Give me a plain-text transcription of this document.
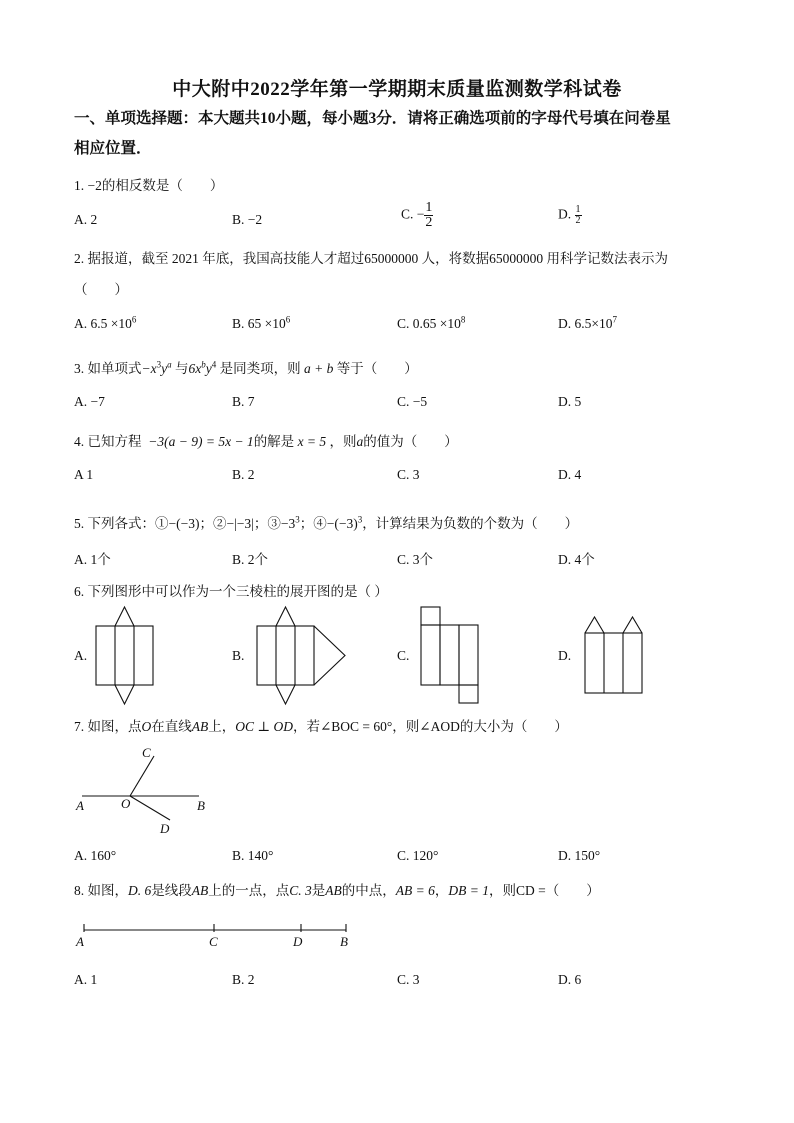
中大附中2022学年第一学期期末质量监测数学科试卷
一、单项选择题：本大题共10小题，每小题3分．请将正确选项前的字母代号填在问卷星
相应位置．
1. −2的相反数是（　　）
A. 2	B. −2	C. − $\frac{1}{2}$	D. $\frac{1}{2}$
2. 据报道，截至 2021 年底，我国高技能人才超过65000000 人，将数据65000000 用科学记数法表示为
（　　）
A. $6.5 \times 10^6$	B. $65 \times 10^6$	C. $0.65 \times 10^8$	D. $6.5\times 10^7$
3. 如单项式$-x^3y^a$ 与$6x^by^4$ 是同类项，则 a + b 等于（　　）
A. −7	B. 7	C. −5	D. 5
4. 已知方程 −3(a − 9) = 5x − 1的解是 x = 5 ，则a的值为（　　）
A 1	B. 2	C. 3	D. 4
5. 下列各式：①−(−3)；②−|−3|；$③-3^3$；$④-(-3)^3$，计算结果为负数的个数为（　　）
A. 1个	B. 2个	C. 3个	D. 4个
6. 下列图形中可以作为一个三棱柱的展开图的是（ ）
A.	B.	C.	D.
7. 如图，点O在直线AB上，OC ⊥ OD，若∠BOC = 60°，则∠AOD的大小为（　　）
C
A	O	B
D
A. 160°	B. 140°	C. 120°	D. 150°
8. 如图，D. 6是线段AB上的一点，点C. 3是AB的中点，AB = 6，DB = 1，则CD =（　　）
A	C	D	B
A. 1	B. 2	C. 3	D. 6
